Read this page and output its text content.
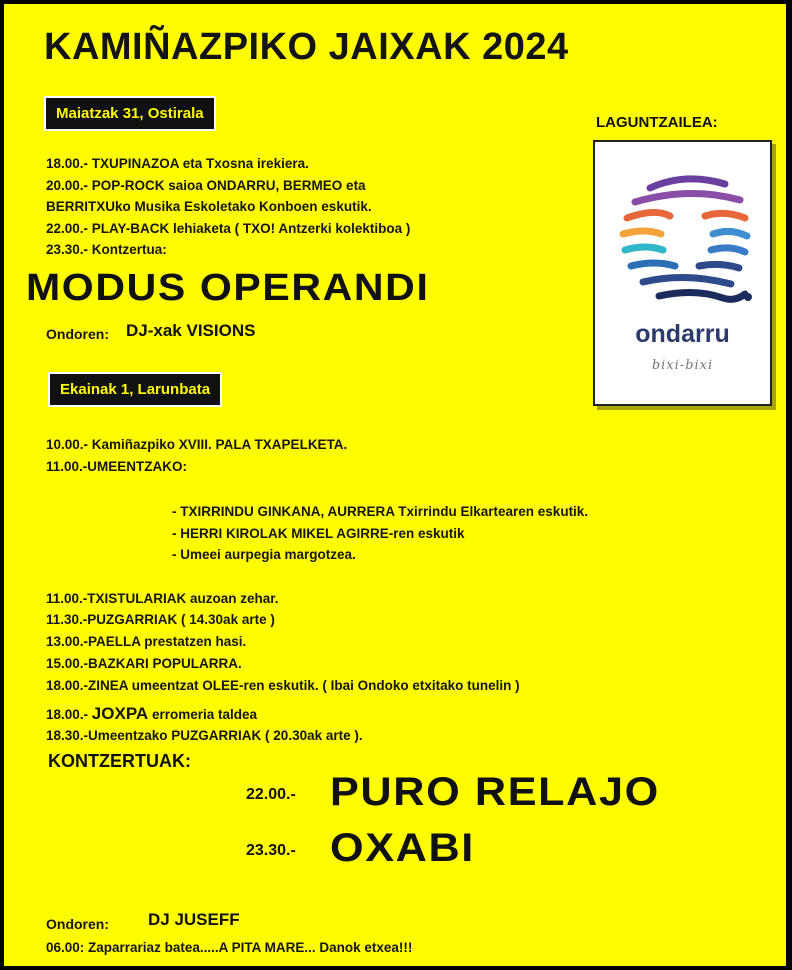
KAMIÑAZPIKO JAIXAK 2024
Maiatzak 31, Ostirala
18.00.- TXUPINAZOA eta Txosna irekiera.
20.00.- POP-ROCK saioa ONDARRU, BERMEO eta
BERRITXUko Musika Eskoletako Konboen eskutik.
22.00.- PLAY-BACK lehiaketa ( TXO! Antzerki kolektiboa )
23.30.- Kontzertua:
MODUS OPERANDI
Ondoren: DJ-xak VISIONS
LAGUNTZAILEA:
ondarru
bixi-bixi
Ekainak 1, Larunbata
10.00.- Kamiñazpiko XVIII. PALA TXAPELKETA.
11.00.-UMEENTZAKO:
- TXIRRINDU GINKANA, AURRERA Txirrindu Elkartearen eskutik.
- HERRI KIROLAK MIKEL AGIRRE-ren eskutik
- Umeei aurpegia margotzea.
11.00.-TXISTULARIAK auzoan zehar.
11.30.-PUZGARRIAK ( 14.30ak arte )
13.00.-PAELLA prestatzen hasi.
15.00.-BAZKARI POPULARRA.
18.00.-ZINEA umeentzat OLEE-ren eskutik. ( Ibai Ondoko etxitako tunelin )
18.00.- JOXPA erromeria taldea
18.30.-Umeentzako PUZGARRIAK ( 20.30ak arte ).
KONTZERTUAK:
22.00.- PURO RELAJO
23.30.- OXABI
Ondoren: DJ JUSEFF
06.00: Zaparrariaz batea.....A PITA MARE... Danok etxea!!!
